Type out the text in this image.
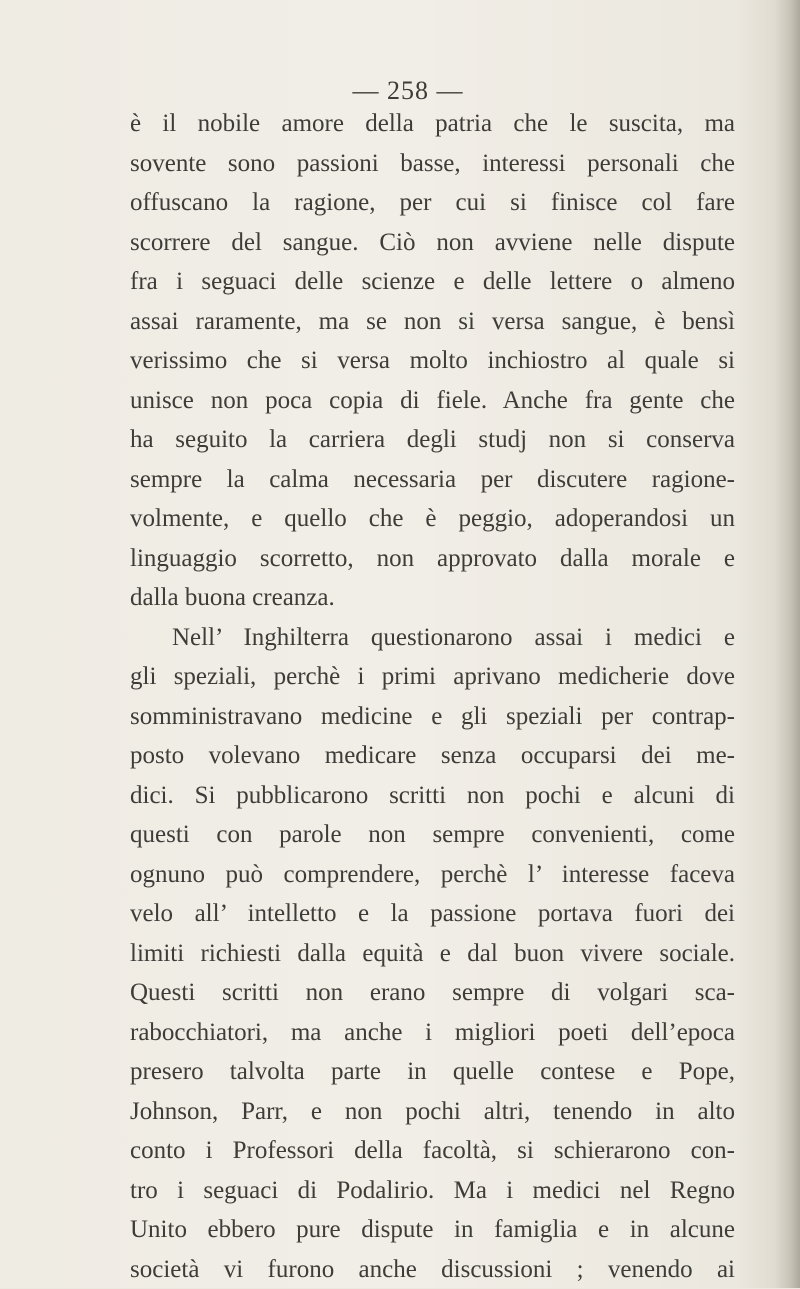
— 258 —
è il nobile amore della patria che le suscita, ma
sovente sono passioni basse, interessi personali che
offuscano la ragione, per cui si finisce col fare
scorrere del sangue. Ciò non avviene nelle dispute
fra i seguaci delle scienze e delle lettere o almeno
assai raramente, ma se non si versa sangue, è bensì
verissimo che si versa molto inchiostro al quale si
unisce non poca copia di fiele. Anche fra gente che
ha seguito la carriera degli studj non si conserva
sempre la calma necessaria per discutere ragione-
volmente, e quello che è peggio, adoperandosi un
linguaggio scorretto, non approvato dalla morale e
dalla buona creanza.
Nell’ Inghilterra questionarono assai i medici e
gli speziali, perchè i primi aprivano medicherie dove
somministravano medicine e gli speziali per contrap-
posto volevano medicare senza occuparsi dei me-
dici. Si pubblicarono scritti non pochi e alcuni di
questi con parole non sempre convenienti, come
ognuno può comprendere, perchè l’ interesse faceva
velo all’ intelletto e la passione portava fuori dei
limiti richiesti dalla equità e dal buon vivere sociale.
Questi scritti non erano sempre di volgari sca-
rabocchiatori, ma anche i migliori poeti dell’epoca
presero talvolta parte in quelle contese e Pope,
Johnson, Parr, e non pochi altri, tenendo in alto
conto i Professori della facoltà, si schierarono con-
tro i seguaci di Podalirio. Ma i medici nel Regno
Unito ebbero pure dispute in famiglia e in alcune
società vi furono anche discussioni ; venendo ai
